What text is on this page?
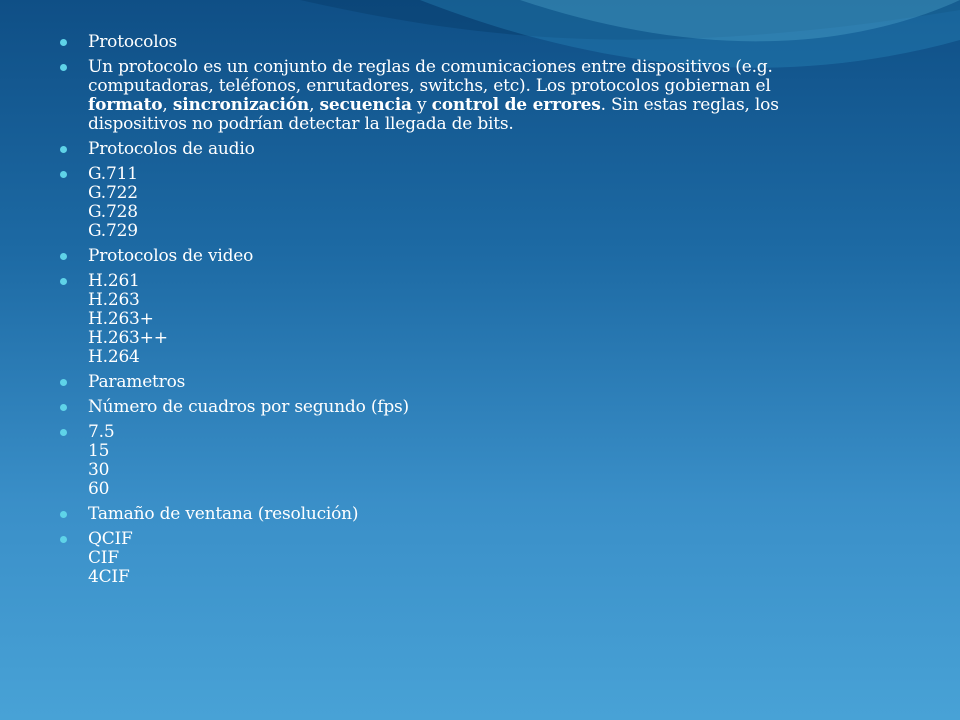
Protocolos
Un protocolo es un conjunto de reglas de comunicaciones entre dispositivos (e.g.
computadoras, teléfonos, enrutadores, switchs, etc). Los protocolos gobiernan el
formato, sincronización, secuencia y control de errores. Sin estas reglas, los
dispositivos no podrían detectar la llegada de bits.
Protocolos de audio
G.711
G.722
G.728
G.729
Protocolos de video
H.261
H.263
H.263+
H.263++
H.264
Parametros
Número de cuadros por segundo (fps)
7.5
15
30
60
Tamaño de ventana (resolución)
QCIF
CIF
4CIF
